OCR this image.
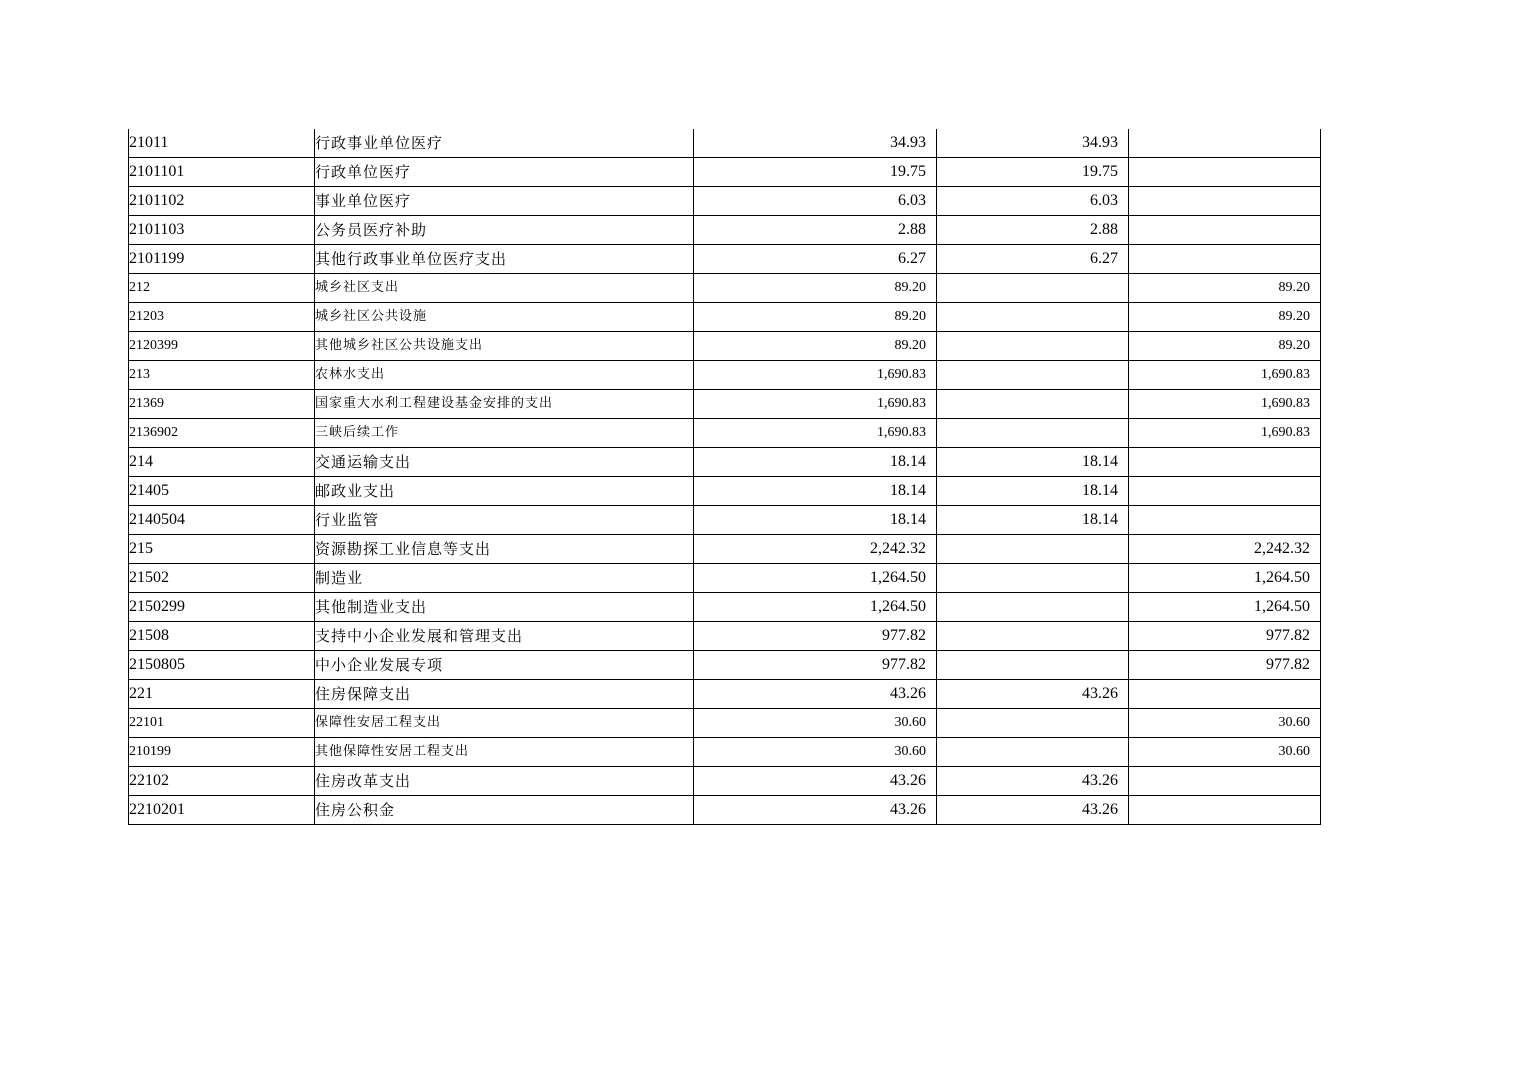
21011	行政事业单位医疗	34.93	34.93	
2101101	行政单位医疗	19.75	19.75	
2101102	事业单位医疗	6.03	6.03	
2101103	公务员医疗补助	2.88	2.88	
2101199	其他行政事业单位医疗支出	6.27	6.27	
212	城乡社区支出	89.20		89.20
21203	城乡社区公共设施	89.20		89.20
2120399	其他城乡社区公共设施支出	89.20		89.20
213	农林水支出	1,690.83		1,690.83
21369	国家重大水利工程建设基金安排的支出	1,690.83		1,690.83
2136902	三峡后续工作	1,690.83		1,690.83
214	交通运输支出	18.14	18.14	
21405	邮政业支出	18.14	18.14	
2140504	行业监管	18.14	18.14	
215	资源勘探工业信息等支出	2,242.32		2,242.32
21502	制造业	1,264.50		1,264.50
2150299	其他制造业支出	1,264.50		1,264.50
21508	支持中小企业发展和管理支出	977.82		977.82
2150805	中小企业发展专项	977.82		977.82
221	住房保障支出	43.26	43.26	
22101	保障性安居工程支出	30.60		30.60
210199	其他保障性安居工程支出	30.60		30.60
22102	住房改革支出	43.26	43.26	
2210201	住房公积金	43.26	43.26	
